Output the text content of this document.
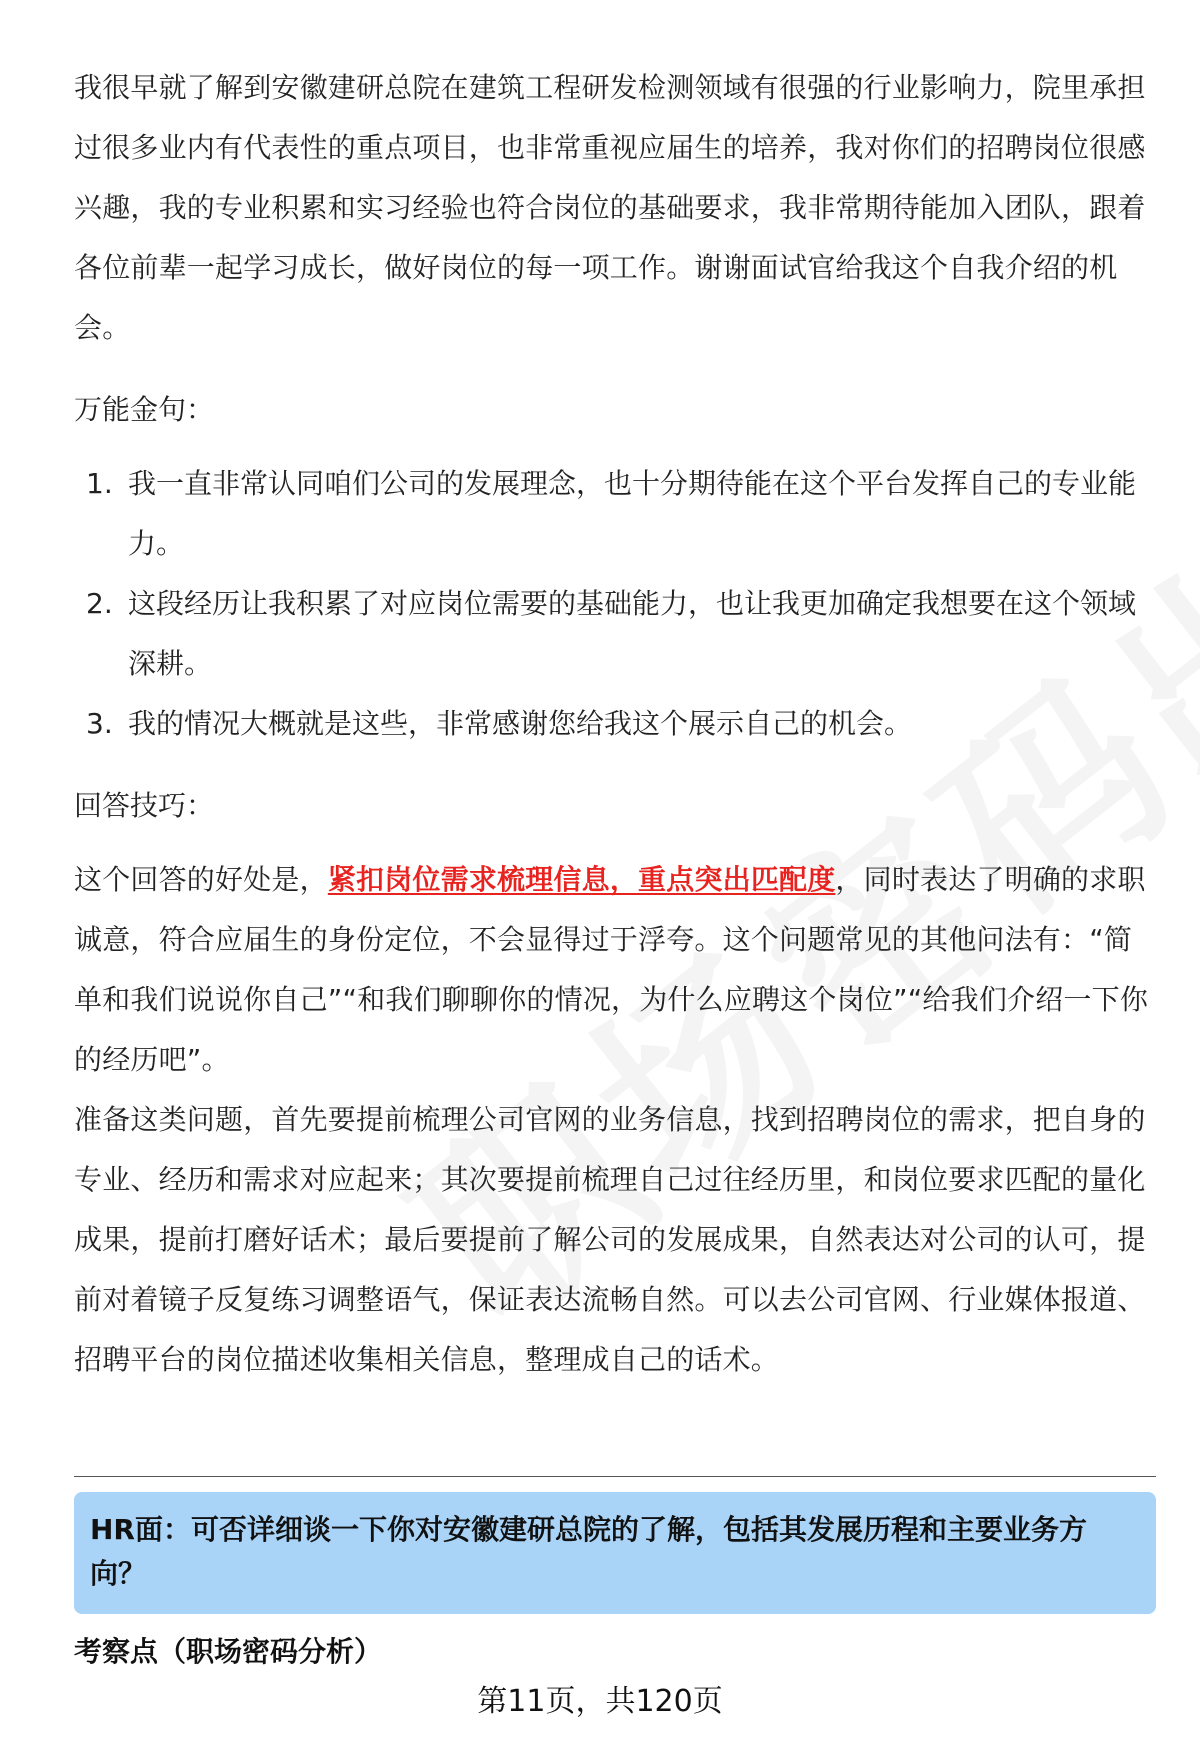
我很早就了解到安徽建研总院在建筑工程研发检测领域有很强的行业影响力，院里承担过很多业内有代表性的重点项目，也非常重视应届生的培养，我对你们的招聘岗位很感兴趣，我的专业积累和实习经验也符合岗位的基础要求，我非常期待能加入团队，跟着各位前辈一起学习成长，做好岗位的每一项工作。谢谢面试官给我这个自我介绍的机会。

万能金句：

1. 我一直非常认同咱们公司的发展理念，也十分期待能在这个平台发挥自己的专业能力。
2. 这段经历让我积累了对应岗位需要的基础能力，也让我更加确定我想要在这个领域深耕。
3. 我的情况大概就是这些，非常感谢您给我这个展示自己的机会。

回答技巧：

这个回答的好处是，紧扣岗位需求梳理信息，重点突出匹配度，同时表达了明确的求职诚意，符合应届生的身份定位，不会显得过于浮夸。这个问题常见的其他问法有：“简单和我们说说你自己”“和我们聊聊你的情况，为什么应聘这个岗位”“给我们介绍一下你的经历吧”。

准备这类问题，首先要提前梳理公司官网的业务信息，找到招聘岗位的需求，把自身的专业、经历和需求对应起来；其次要提前梳理自己过往经历里，和岗位要求匹配的量化成果，提前打磨好话术；最后要提前了解公司的发展成果，自然表达对公司的认可，提前对着镜子反复练习调整语气，保证表达流畅自然。可以去公司官网、行业媒体报道、招聘平台的岗位描述收集相关信息，整理成自己的话术。

HR面：可否详细谈一下你对安徽建研总院的了解，包括其发展历程和主要业务方向？
考察点（职场密码分析）
第11页，共120页
